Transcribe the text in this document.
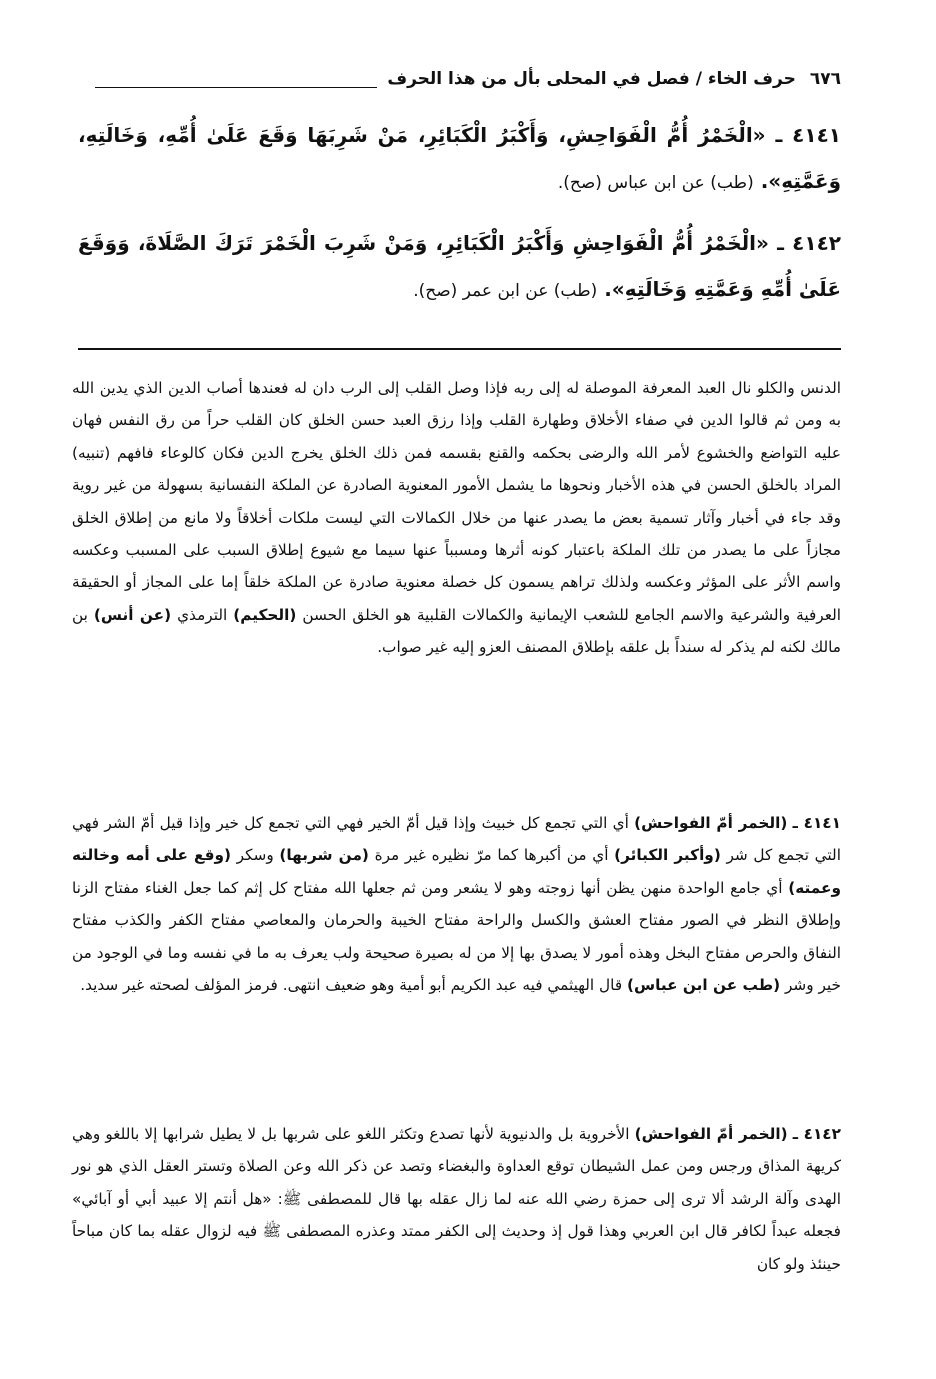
٦٧٦
حرف الخاء / فصل في المحلى بأل من هذا الحرف
٤١٤١ ـ «الْخَمْرُ أُمُّ الْفَوَاحِشِ، وَأَكْبَرُ الْكَبَائِرِ، مَنْ شَرِبَهَا وَقَعَ عَلَىٰ أُمِّهِ، وَخَالَتِهِ، وَعَمَّتِهِ». (طب) عن ابن عباس (صح).
٤١٤٢ ـ «الْخَمْرُ أُمُّ الْفَوَاحِشِ وَأَكْبَرُ الْكَبَائِرِ، وَمَنْ شَرِبَ الْخَمْرَ تَرَكَ الصَّلَاةَ، وَوَقَعَ عَلَىٰ أُمِّهِ وَعَمَّتِهِ وَخَالَتِهِ». (طب) عن ابن عمر (صح).
الدنس والكلو نال العبد المعرفة الموصلة له إلى ربه فإذا وصل القلب إلى الرب دان له فعندها أصاب الدين الذي يدين الله به ومن ثم قالوا الدين في صفاء الأخلاق وطهارة القلب وإذا رزق العبد حسن الخلق كان القلب حراً من رق النفس فهان عليه التواضع والخشوع لأمر الله والرضى بحكمه والقنع بقسمه فمن ذلك الخلق يخرج الدين فكان كالوعاء فافهم (تنبيه) المراد بالخلق الحسن في هذه الأخبار ونحوها ما يشمل الأمور المعنوية الصادرة عن الملكة النفسانية بسهولة من غير روية وقد جاء في أخبار وآثار تسمية بعض ما يصدر عنها من خلال الكمالات التي ليست ملكات أخلاقاً ولا مانع من إطلاق الخلق مجازاً على ما يصدر من تلك الملكة باعتبار كونه أثرها ومسبباً عنها سيما مع شيوع إطلاق السبب على المسبب وعكسه واسم الأثر على المؤثر وعكسه ولذلك تراهم يسمون كل خصلة معنوية صادرة عن الملكة خلقاً إما على المجاز أو الحقيقة العرفية والشرعية والاسم الجامع للشعب الإيمانية والكمالات القلبية هو الخلق الحسن (الحكيم) الترمذي (عن أنس) بن مالك لكنه لم يذكر له سنداً بل علقه بإطلاق المصنف العزو إليه غير صواب.
٤١٤١ ـ (الخمر أمّ الفواحش) أي التي تجمع كل خبيث وإذا قيل أمّ الخير فهي التي تجمع كل خير وإذا قيل أمّ الشر فهي التي تجمع كل شر (وأكبر الكبائر) أي من أكبرها كما مرّ نظيره غير مرة (من شربها) وسكر (وقع على أمه وخالته وعمته) أي جامع الواحدة منهن يظن أنها زوجته وهو لا يشعر ومن ثم جعلها الله مفتاح كل إثم كما جعل الغناء مفتاح الزنا وإطلاق النظر في الصور مفتاح العشق والكسل والراحة مفتاح الخيبة والحرمان والمعاصي مفتاح الكفر والكذب مفتاح النفاق والحرص مفتاح البخل وهذه أمور لا يصدق بها إلا من له بصيرة صحيحة ولب يعرف به ما في نفسه وما في الوجود من خير وشر (طب عن ابن عباس) قال الهيثمي فيه عبد الكريم أبو أمية وهو ضعيف انتهى. فرمز المؤلف لصحته غير سديد.
٤١٤٢ ـ (الخمر أمّ الفواحش) الأخروية بل والدنيوية لأنها تصدع وتكثر اللغو على شربها بل لا يطيل شرابها إلا باللغو وهي كريهة المذاق ورجس ومن عمل الشيطان توقع العداوة والبغضاء وتصد عن ذكر الله وعن الصلاة وتستر العقل الذي هو نور الهدى وآلة الرشد ألا ترى إلى حمزة رضي الله عنه لما زال عقله بها قال للمصطفى ﷺ: «هل أنتم إلا عبيد أبي أو آبائي» فجعله عبداً لكافر قال ابن العربي وهذا قول إذ وحديث إلى الكفر ممتد وعذره المصطفى ﷺ فيه لزوال عقله بما كان مباحاً حينئذ ولو كان
